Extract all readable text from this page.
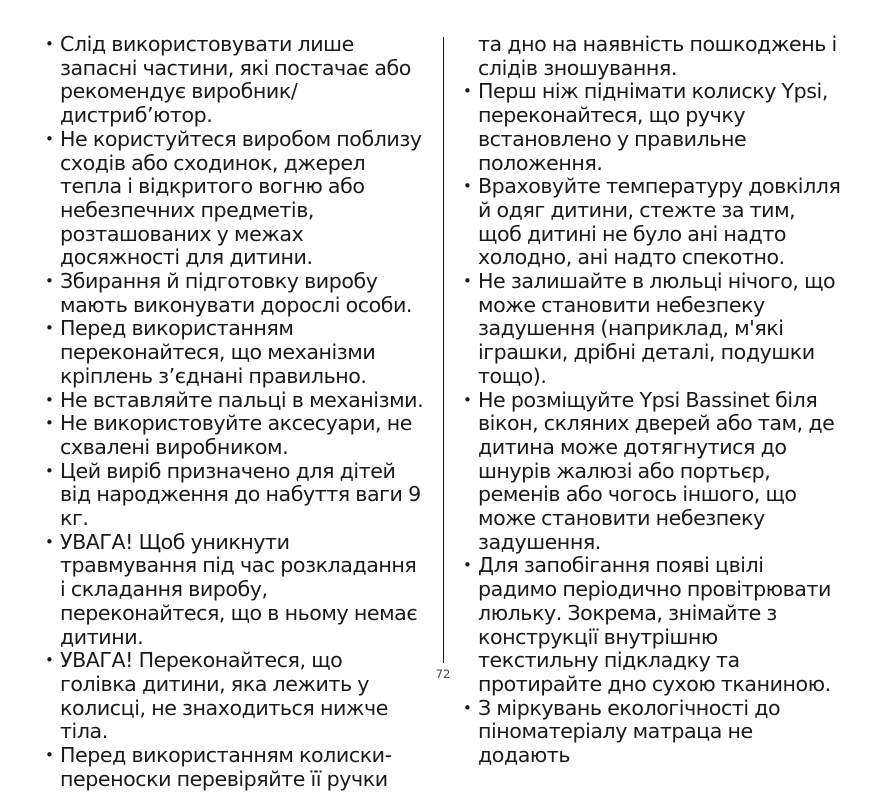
• Слід використовувати лише запасні частини, які постачає або рекомендує виробник/ дистриб’ютор.

• Не користуйтеся виробом поблизу сходів або сходинок, джерел тепла і відкритого вогню або небезпечних предметів, розташованих у межах досяжності для дитини.

• Збирання й підготовку виробу мають виконувати дорослі особи.

• Перед використанням переконайтеся, що механізми кріплень з’єднані правильно.

• Не вставляйте пальці в механізми.

• Не використовуйте аксесуари, не схвалені виробником.

• Цей виріб призначено для дітей від народження до набуття ваги 9 кг.

• УВАГА! Щоб уникнути травмування під час розкладання і складання виробу, переконайтеся, що в ньому немає дитини.

• УВАГА! Переконайтеся, що голівка дитини, яка лежить у колисці, не знаходиться нижче тіла.

• Перед використанням колиски-переноски перевіряйте її ручки

та дно на наявність пошкоджень і слідів зношування.

• Перш ніж піднімати колиску Ypsi, переконайтеся, що ручку встановлено у правильне положення.

• Враховуйте температуру довкілля й одяг дитини, стежте за тим, щоб дитині не було ані надто холодно, ані надто спекотно.

• Не залишайте в люльці нічого, що може становити небезпеку задушення (наприклад, м'які іграшки, дрібні деталі, подушки тощо).

• Не розміщуйте Ypsi Bassinet біля вікон, скляних дверей або там, де дитина може дотягнутися до шнурів жалюзі або портьєр, ременів або чогось іншого, що може становити небезпеку задушення.

• Для запобігання появі цвілі радимо періодично провітрювати люльку. Зокрема, знімайте з конструкції внутрішню текстильну підкладку та протирайте дно сухою тканиною.

• З міркувань екологічності до піноматеріалу матраца не додають

72
